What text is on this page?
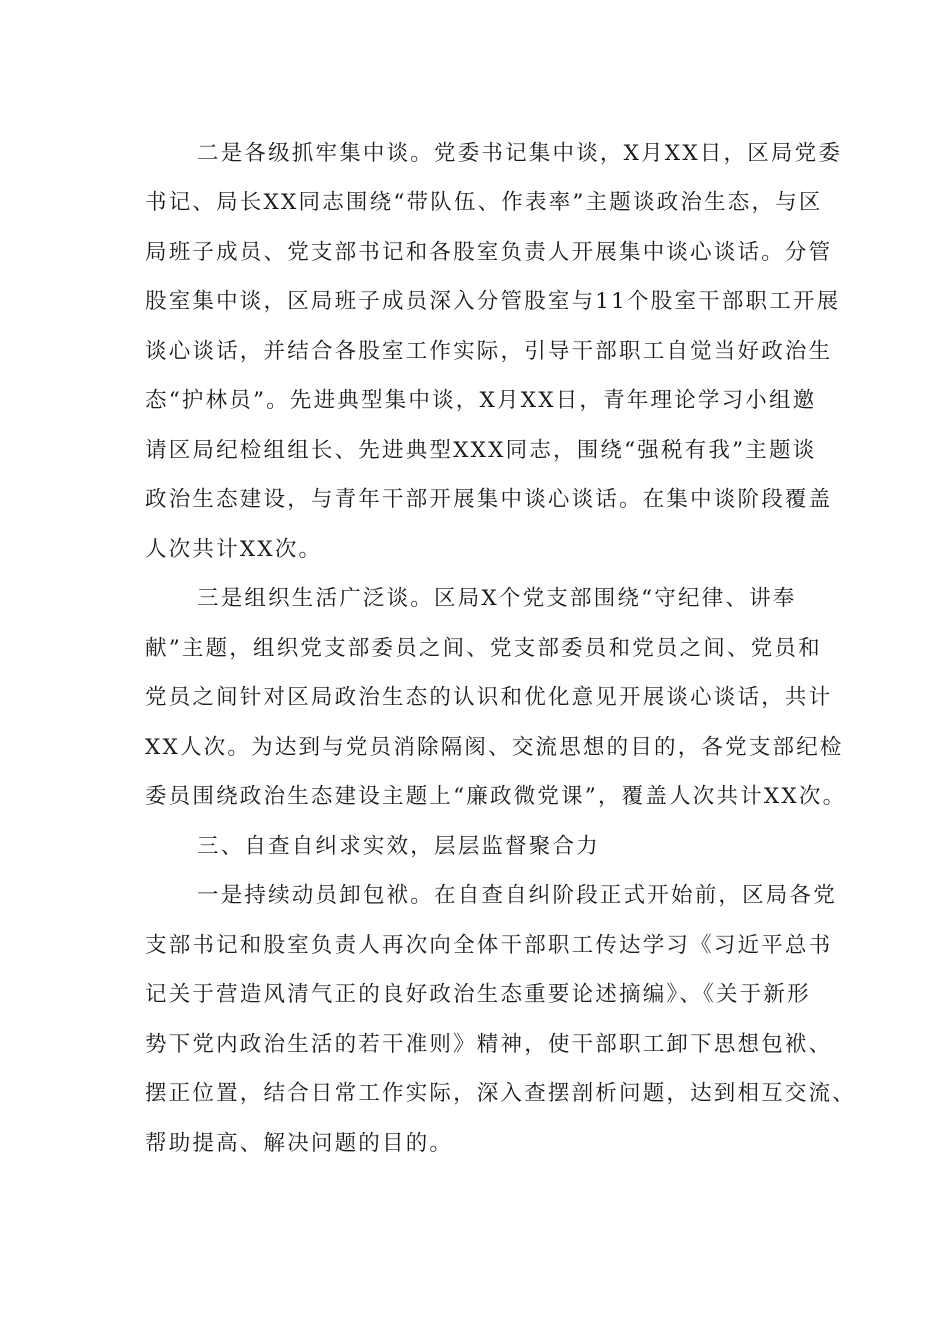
二是各级抓牢集中谈。党委书记集中谈，X月XX日，区局党委
书记、局长XX同志围绕“带队伍、作表率”主题谈政治生态，与区
局班子成员、党支部书记和各股室负责人开展集中谈心谈话。分管
股室集中谈，区局班子成员深入分管股室与11个股室干部职工开展
谈心谈话，并结合各股室工作实际，引导干部职工自觉当好政治生
态“护林员”。先进典型集中谈，X月XX日，青年理论学习小组邀
请区局纪检组组长、先进典型XXX同志，围绕“强税有我”主题谈
政治生态建设，与青年干部开展集中谈心谈话。在集中谈阶段覆盖
人次共计XX次。
三是组织生活广泛谈。区局X个党支部围绕“守纪律、讲奉
献”主题，组织党支部委员之间、党支部委员和党员之间、党员和
党员之间针对区局政治生态的认识和优化意见开展谈心谈话，共计
XX人次。为达到与党员消除隔阂、交流思想的目的，各党支部纪检
委员围绕政治生态建设主题上“廉政微党课”，覆盖人次共计XX次。
三、自查自纠求实效，层层监督聚合力
一是持续动员卸包袱。在自查自纠阶段正式开始前，区局各党
支部书记和股室负责人再次向全体干部职工传达学习《习近平总书
记关于营造风清气正的良好政治生态重要论述摘编》、《关于新形
势下党内政治生活的若干准则》精神，使干部职工卸下思想包袱、
摆正位置，结合日常工作实际，深入查摆剖析问题，达到相互交流、
帮助提高、解决问题的目的。
